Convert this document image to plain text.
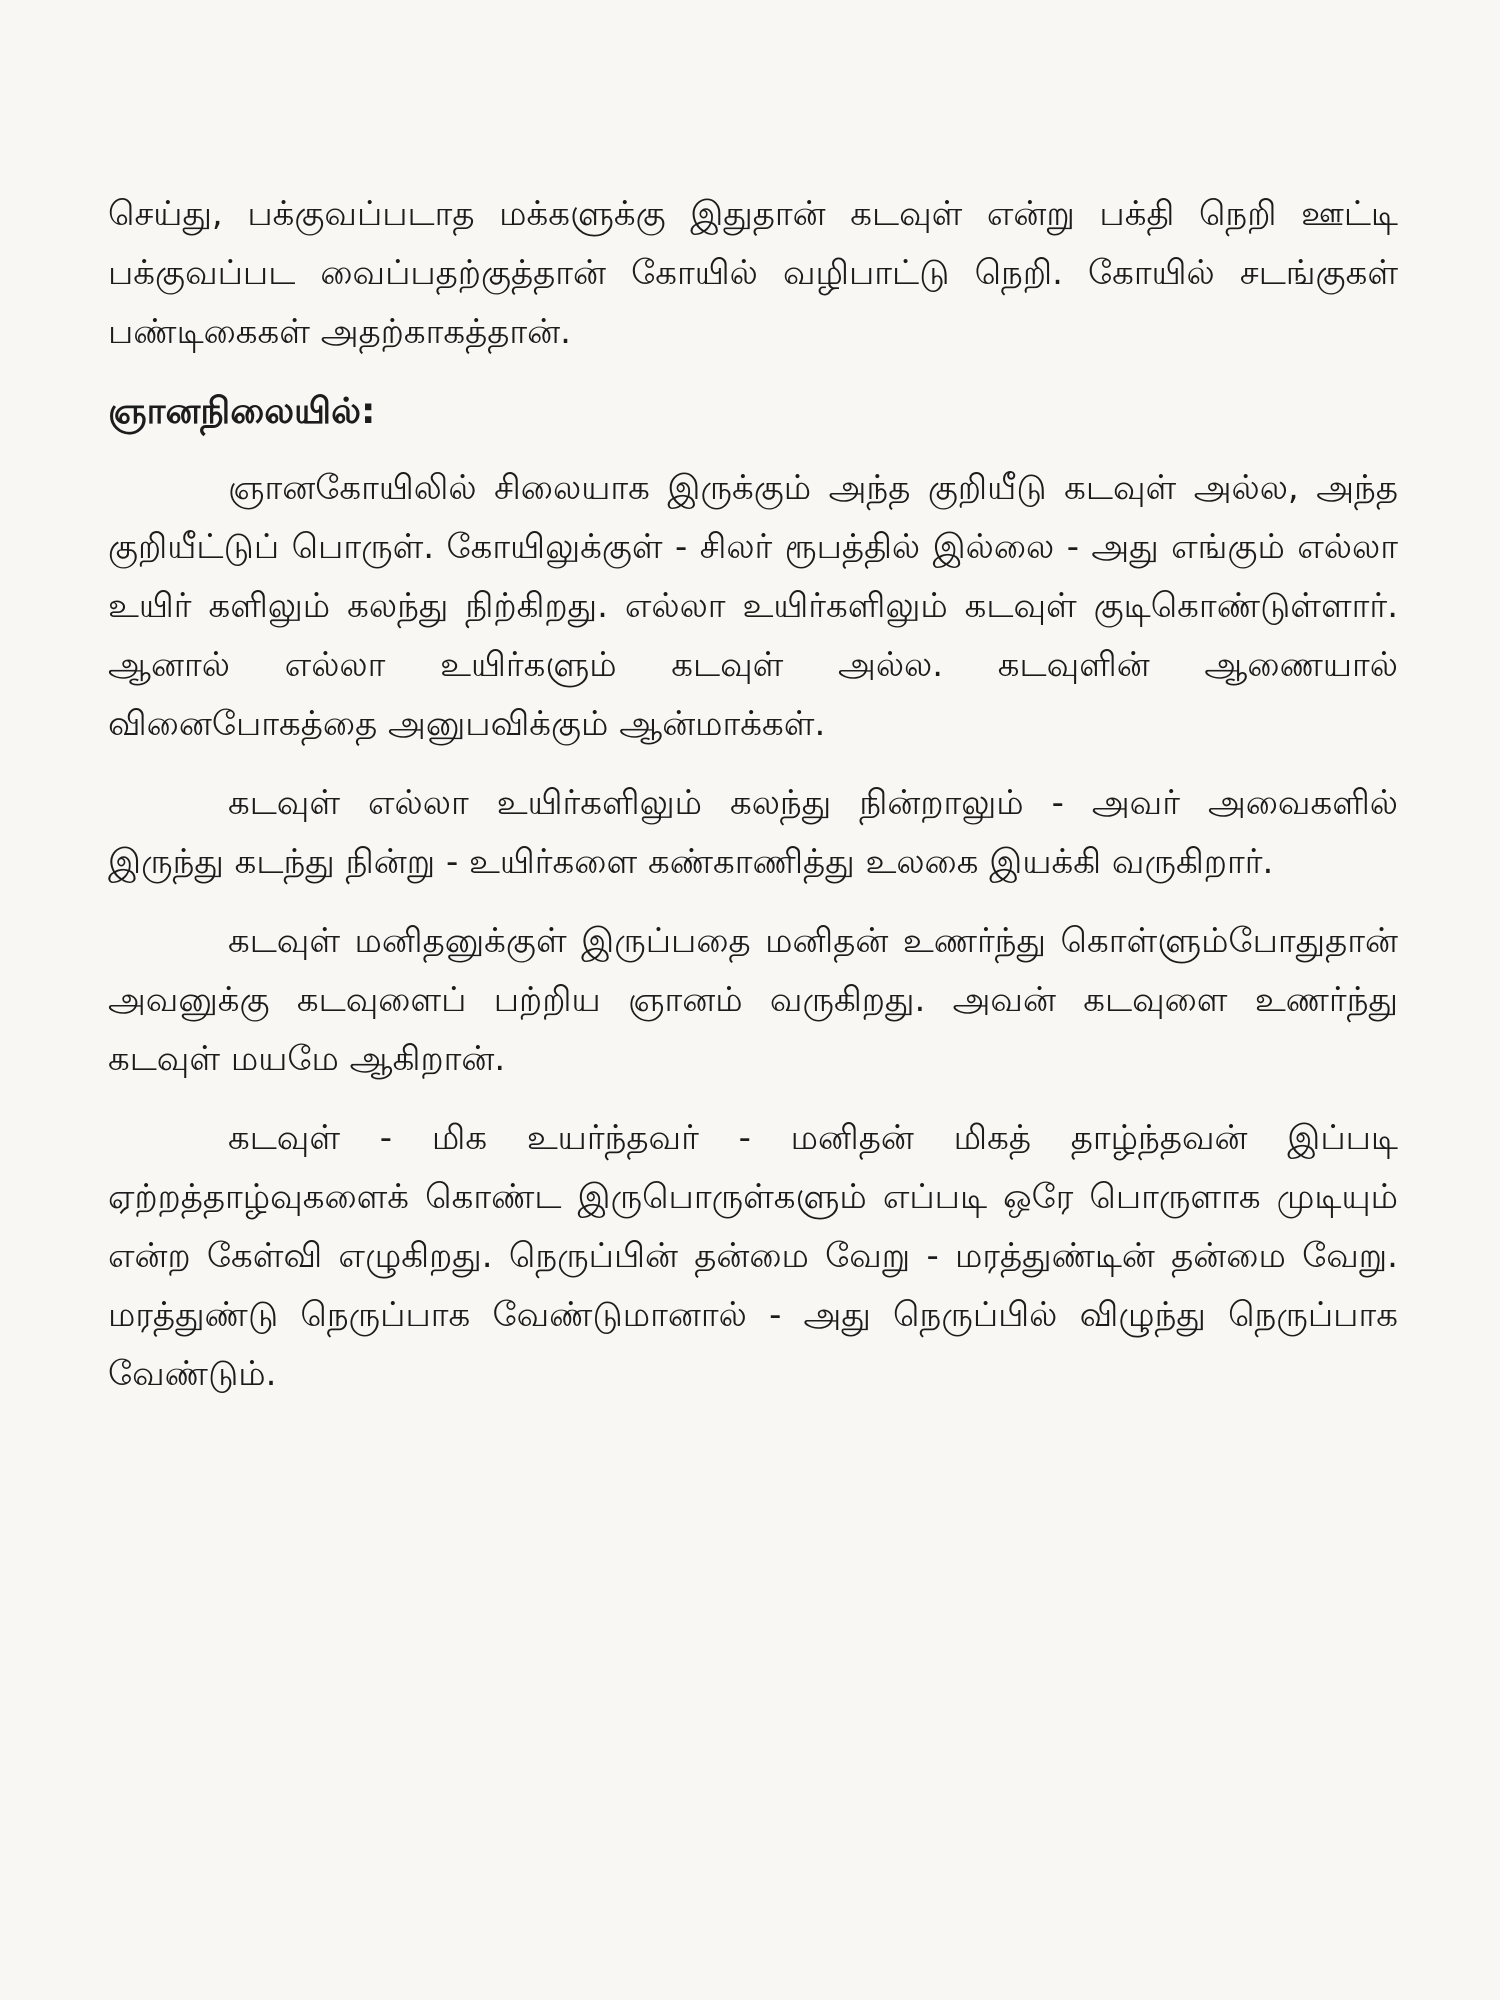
செய்து, பக்குவப்படாத மக்களுக்கு இதுதான் கடவுள் என்று பக்தி நெறி ஊட்டி பக்குவப்பட வைப்பதற்குத்தான் கோயில் வழிபாட்டு நெறி. கோயில் சடங்குகள் பண்டிகைகள் அதற்காகத்தான்.

ஞானநிலையில்:

ஞானகோயிலில் சிலையாக இருக்கும் அந்த குறியீடு கடவுள் அல்ல, அந்த குறியீட்டுப் பொருள். கோயிலுக்குள் - சிலர் ரூபத்தில் இல்லை - அது எங்கும் எல்லா உயிர் களிலும் கலந்து நிற்கிறது. எல்லா உயிர்களிலும் கடவுள் குடிகொண்டுள்ளார். ஆனால் எல்லா உயிர்களும் கடவுள் அல்ல. கடவுளின் ஆணையால் வினைபோகத்தை அனுபவிக்கும் ஆன்மாக்கள்.

கடவுள் எல்லா உயிர்களிலும் கலந்து நின்றாலும் - அவர் அவைகளில் இருந்து கடந்து நின்று - உயிர்களை கண்காணித்து உலகை இயக்கி வருகிறார்.

கடவுள் மனிதனுக்குள் இருப்பதை மனிதன் உணர்ந்து கொள்ளும்போதுதான் அவனுக்கு கடவுளைப் பற்றிய ஞானம் வருகிறது. அவன் கடவுளை உணர்ந்து கடவுள் மயமே ஆகிறான்.

கடவுள் - மிக உயர்ந்தவர் - மனிதன் மிகத் தாழ்ந்தவன் இப்படி ஏற்றத்தாழ்வுகளைக் கொண்ட இருபொருள்களும் எப்படி ஒரே பொருளாக முடியும் என்ற கேள்வி எழுகிறது. நெருப்பின் தன்மை வேறு - மரத்துண்டின் தன்மை வேறு. மரத்துண்டு நெருப்பாக வேண்டுமானால் - அது நெருப்பில் விழுந்து நெருப்பாக வேண்டும்.
